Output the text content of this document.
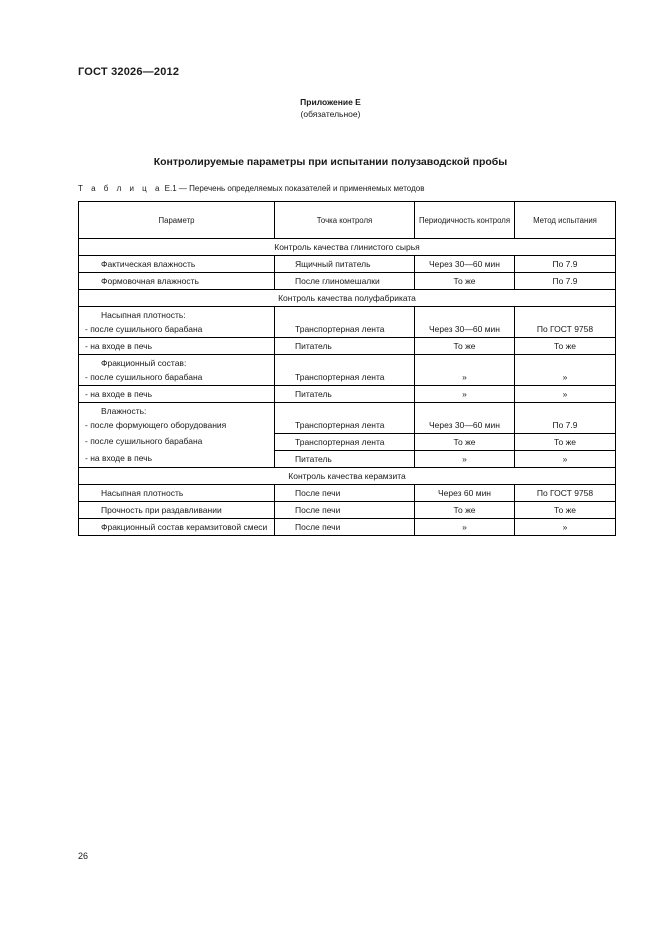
ГОСТ 32026—2012
Приложение Е
(обязательное)
Контролируемые параметры при испытании полузаводской пробы
Т а б л и ц а Е.1 — Перечень определяемых показателей и применяемых методов
Параметр	Точка контроля	Периодичность контроля	Метод испытания
Контроль качества глинистого сырья			
Фактическая влажность	Ящичный питатель	Через 30—60 мин	По 7.9
Формовочная влажность	После глиномешалки	То же	По 7.9
Контроль качества полуфабриката			

Насыпная плотность:
- после сушильного барабана	Транспортерная лента	Через 30—60 мин	По ГОСТ 9758
- на входе в печь	Питатель	То же	То же

Фракционный состав:
- после сушильного барабана	Транспортерная лента	»	»
- на входе в печь	Питатель	»	»

Влажность:
- после формующего оборудования	Транспортерная лента	Через 30—60 мин	По 7.9
- после сушильного барабана	Транспортерная лента	То же	То же
- на входе в печь	Питатель	»	»
Контроль качества керамзита			
Насыпная плотность	После печи	Через 60 мин	По ГОСТ 9758
Прочность при раздавливании	После печи	То же	То же
Фракционный состав керамзитовой смеси	После печи	»	»
26
